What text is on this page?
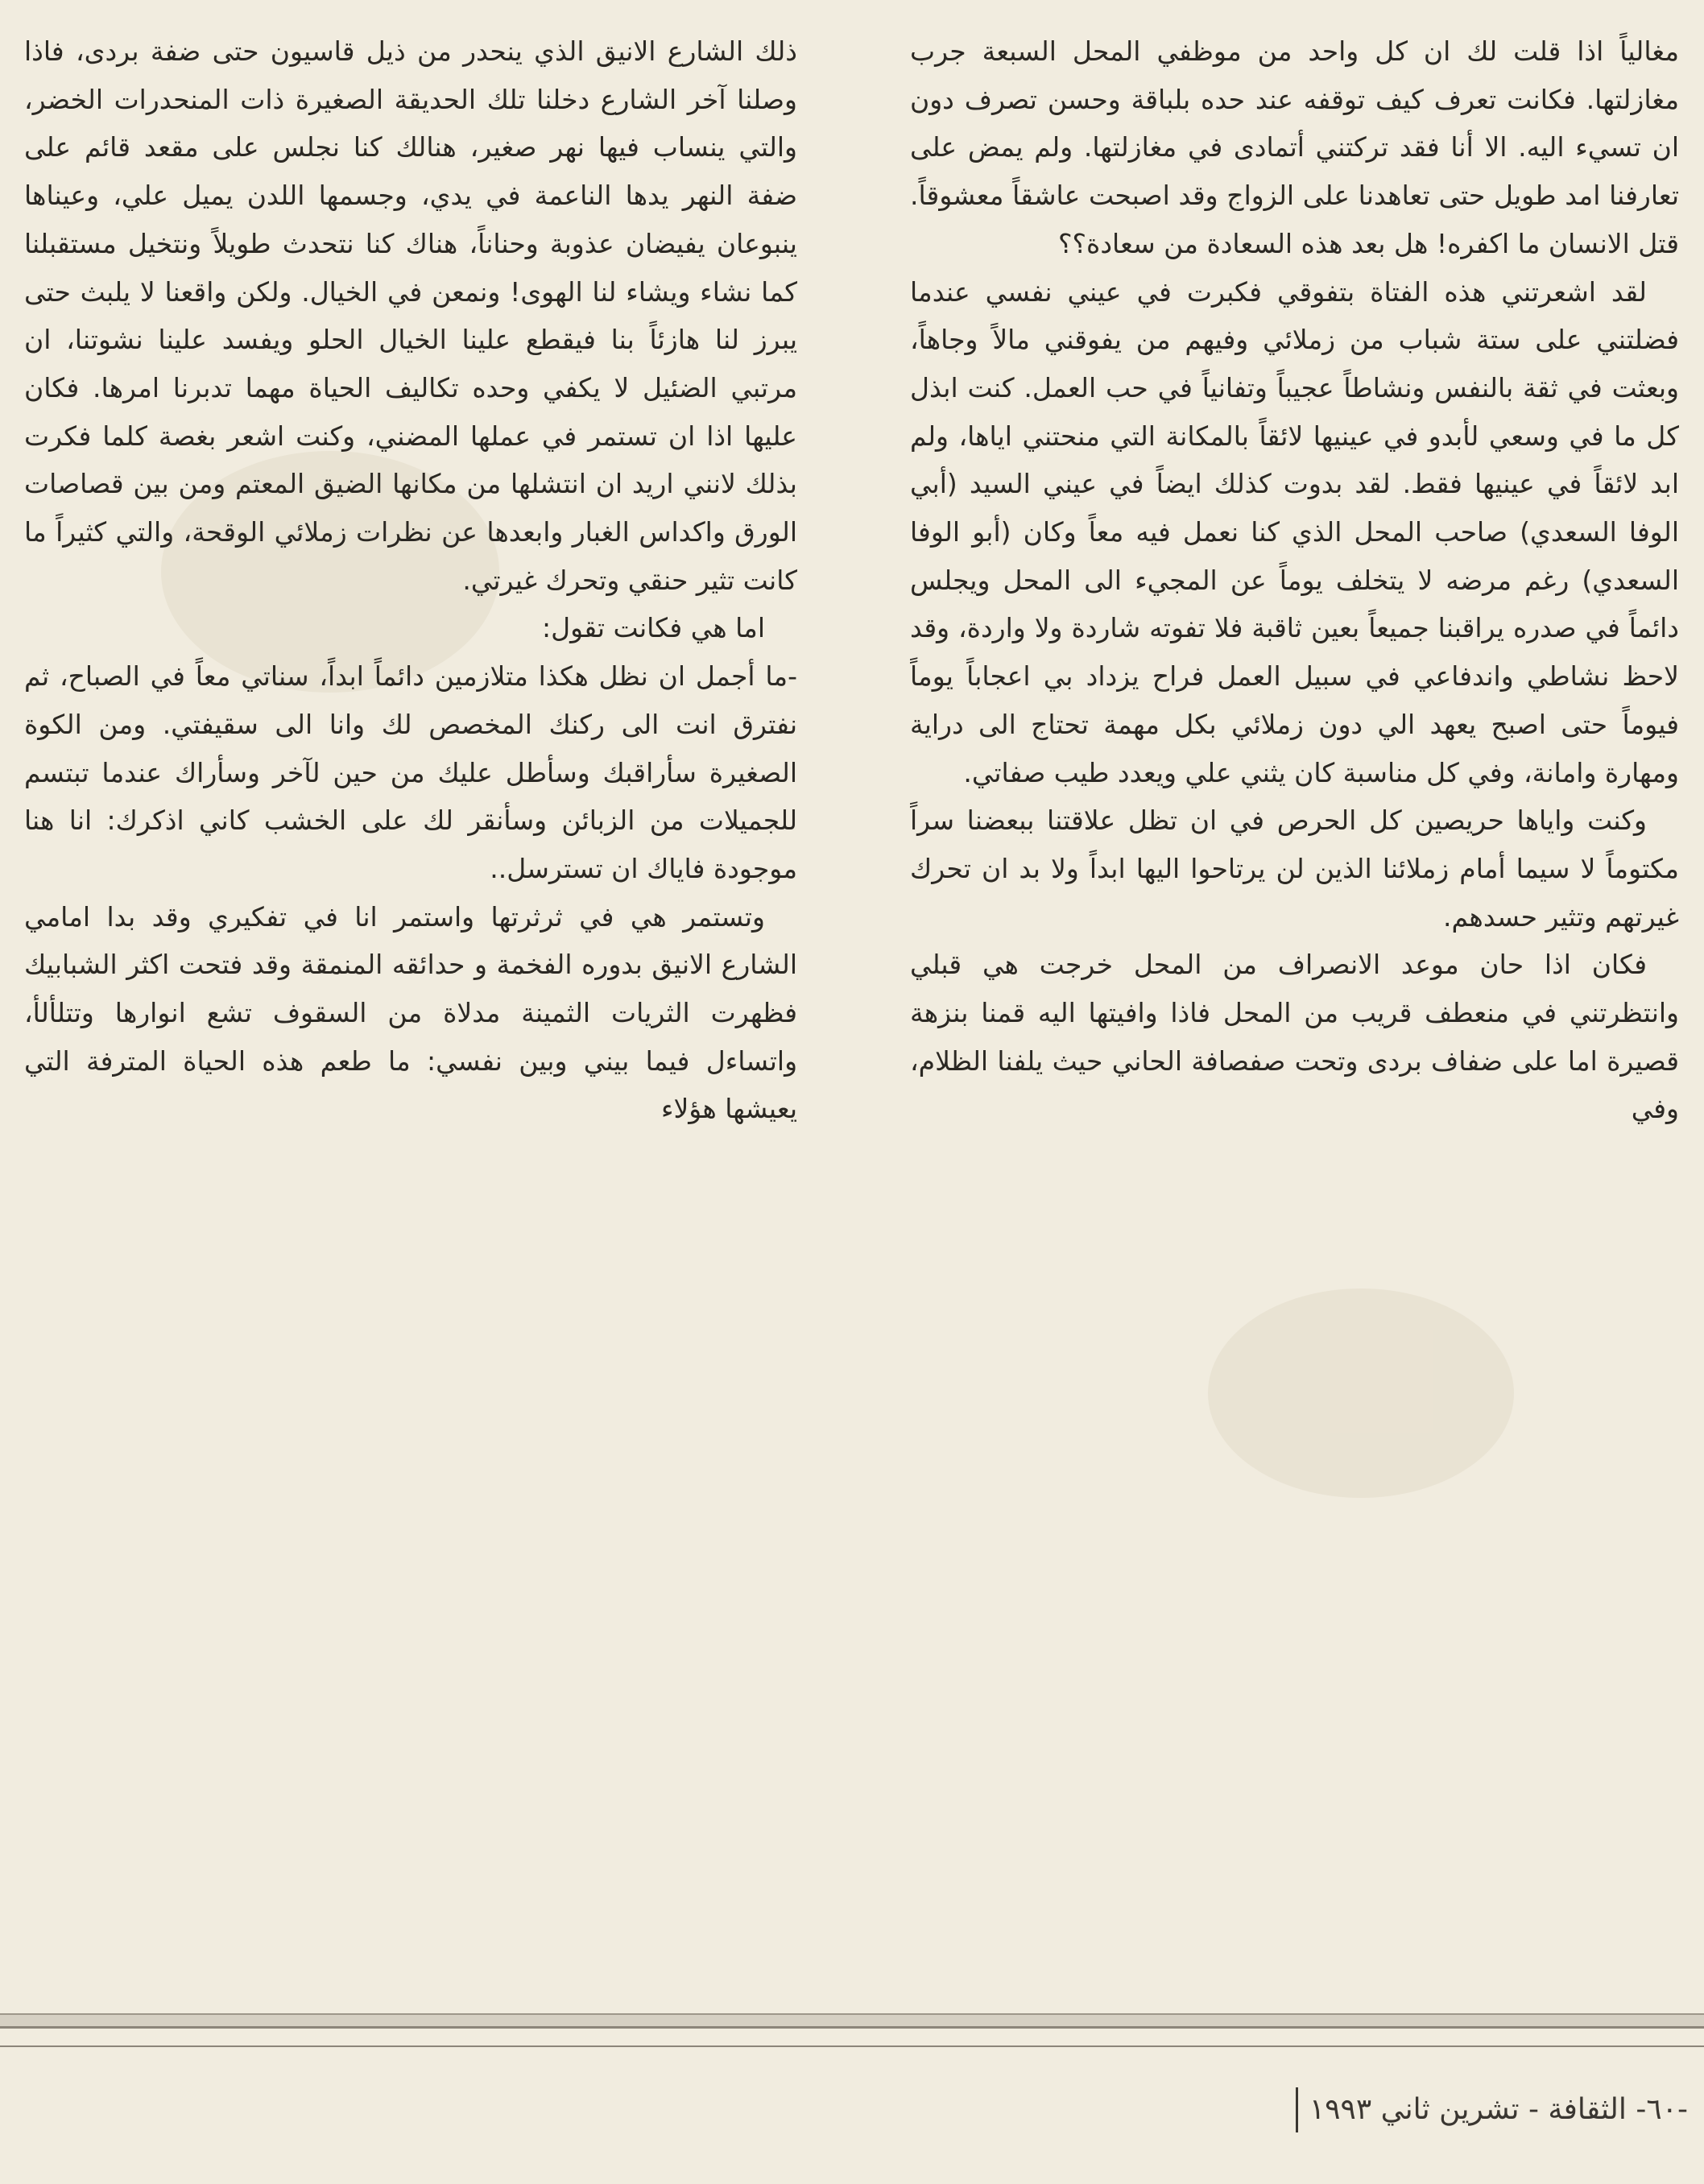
مغالياً اذا قلت لك ان كل واحد من موظفي المحل السبعة جرب مغازلتها. فكانت تعرف كيف توقفه عند حده بلباقة وحسن تصرف دون ان تسيء اليه. الا أنا فقد تركتني أتمادى في مغازلتها. ولم يمض على تعارفنا امد طويل حتى تعاهدنا على الزواج وقد اصبحت عاشقاً معشوقاً. قتل الانسان ما اكفره! هل بعد هذه السعادة من سعادة؟؟

لقد اشعرتني هذه الفتاة بتفوقي فكبرت في عيني نفسي عندما فضلتني على ستة شباب من زملائي وفيهم من يفوقني مالاً وجاهاً، وبعثت في ثقة بالنفس ونشاطاً عجيباً وتفانياً في حب العمل. كنت ابذل كل ما في وسعي لأبدو في عينيها لائقاً بالمكانة التي منحتني اياها، ولم ابد لائقاً في عينيها فقط. لقد بدوت كذلك ايضاً في عيني السيد (أبي الوفا السعدي) صاحب المحل الذي كنا نعمل فيه معاً وكان (أبو الوفا السعدي) رغم مرضه لا يتخلف يوماً عن المجيء الى المحل ويجلس دائماً في صدره يراقبنا جميعاً بعين ثاقبة فلا تفوته شاردة ولا واردة، وقد لاحظ نشاطي واندفاعي في سبيل العمل فراح يزداد بي اعجاباً يوماً فيوماً حتى اصبح يعهد الي دون زملائي بكل مهمة تحتاج الى دراية ومهارة وامانة، وفي كل مناسبة كان يثني علي ويعدد طيب صفاتي.

وكنت واياها حريصين كل الحرص في ان تظل علاقتنا ببعضنا سراً مكتوماً لا سيما أمام زملائنا الذين لن يرتاحوا اليها ابداً ولا بد ان تحرك غيرتهم وتثير حسدهم.

فكان اذا حان موعد الانصراف من المحل خرجت هي قبلي وانتظرتني في منعطف قريب من المحل فاذا وافيتها اليه قمنا بنزهة قصيرة اما على ضفاف بردى وتحت صفصافة الحاني حيث يلفنا الظلام، وفي

ذلك الشارع الانيق الذي ينحدر من ذيل قاسيون حتى ضفة بردى، فاذا وصلنا آخر الشارع دخلنا تلك الحديقة الصغيرة ذات المنحدرات الخضر، والتي ينساب فيها نهر صغير، هنالك كنا نجلس على مقعد قائم على ضفة النهر يدها الناعمة في يدي، وجسمها اللدن يميل علي، وعيناها ينبوعان يفيضان عذوبة وحناناً، هناك كنا نتحدث طويلاً ونتخيل مستقبلنا كما نشاء ويشاء لنا الهوى! ونمعن في الخيال. ولكن واقعنا لا يلبث حتى يبرز لنا هازئاً بنا فيقطع علينا الخيال الحلو ويفسد علينا نشوتنا، ان مرتبي الضئيل لا يكفي وحده تكاليف الحياة مهما تدبرنا امرها. فكان عليها اذا ان تستمر في عملها المضني، وكنت اشعر بغصة كلما فكرت بذلك لانني اريد ان انتشلها من مكانها الضيق المعتم ومن بين قصاصات الورق واكداس الغبار وابعدها عن نظرات زملائي الوقحة، والتي كثيراً ما كانت تثير حنقي وتحرك غيرتي.

اما هي فكانت تقول:

-ما أجمل ان نظل هكذا متلازمين دائماً ابداً، سناتي معاً في الصباح، ثم نفترق انت الى ركنك المخصص لك وانا الى سقيفتي. ومن الكوة الصغيرة سأراقبك وسأطل عليك من حين لآخر وسأراك عندما تبتسم للجميلات من الزبائن وسأنقر لك على الخشب كاني اذكرك: انا هنا موجودة فاياك ان تسترسل..

وتستمر هي في ثرثرتها واستمر انا في تفكيري وقد بدا امامي الشارع الانيق بدوره الفخمة و حدائقه المنمقة وقد فتحت اكثر الشبابيك فظهرت الثريات الثمينة مدلاة من السقوف تشع انوارها وتتلألأ، واتساءل فيما بيني وبين نفسي: ما طعم هذه الحياة المترفة التي يعيشها هؤلاء

-٦٠- الثقافة - تشرين ثاني ١٩٩٣
